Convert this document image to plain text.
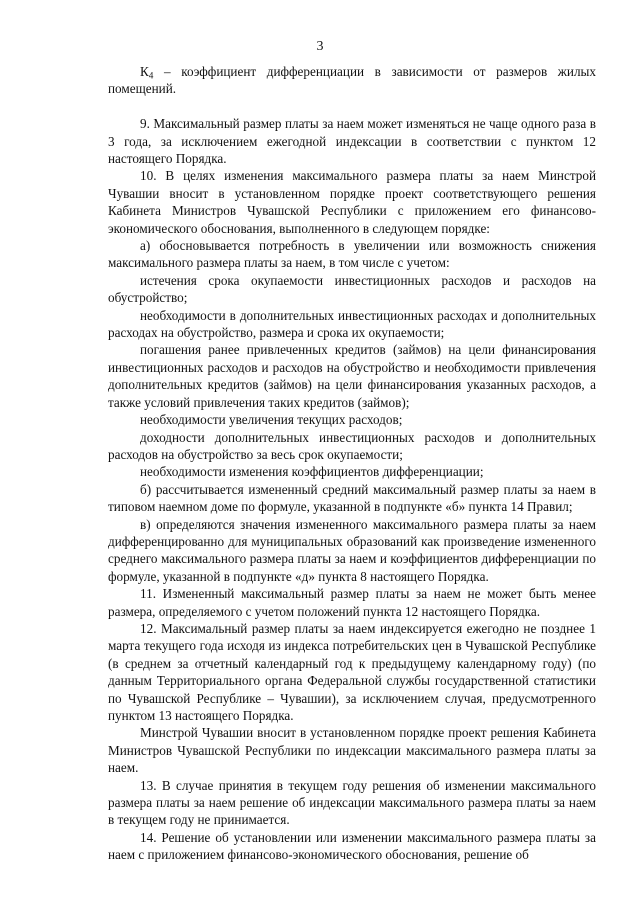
3

$К_4$ – коэффициент дифференциации в зависимости от размеров жилых помещений.

9. Максимальный размер платы за наем может изменяться не чаще одного раза в 3 года, за исключением ежегодной индексации в соответствии с пунктом 12 настоящего Порядка.

10. В целях изменения максимального размера платы за наем Минстрой Чувашии вносит в установленном порядке проект соответствующего решения Кабинета Министров Чувашской Республики с приложением его финансово-экономического обоснования, выполненного в следующем порядке:

а) обосновывается потребность в увеличении или возможность снижения максимального размера платы за наем, в том числе с учетом:

истечения срока окупаемости инвестиционных расходов и расходов на обустройство;

необходимости в дополнительных инвестиционных расходах и дополнительных расходах на обустройство, размера и срока их окупаемости;

погашения ранее привлеченных кредитов (займов) на цели финансирования инвестиционных расходов и расходов на обустройство и необходимости привлечения дополнительных кредитов (займов) на цели финансирования указанных расходов, а также условий привлечения таких кредитов (займов);

необходимости увеличения текущих расходов;

доходности дополнительных инвестиционных расходов и дополнительных расходов на обустройство за весь срок окупаемости;

необходимости изменения коэффициентов дифференциации;

б) рассчитывается измененный средний максимальный размер платы за наем в типовом наемном доме по формуле, указанной в подпункте «б» пункта 14 Правил;

в) определяются значения измененного максимального размера платы за наем дифференцированно для муниципальных образований как произведение измененного среднего максимального размера платы за наем и коэффициентов дифференциации по формуле, указанной в подпункте «д» пункта 8 настоящего Порядка.

11. Измененный максимальный размер платы за наем не может быть менее размера, определяемого с учетом положений пункта 12 настоящего Порядка.

12. Максимальный размер платы за наем индексируется ежегодно не позднее 1 марта текущего года исходя из индекса потребительских цен в Чувашской Республике (в среднем за отчетный календарный год к предыдущему календарному году) (по данным Территориального органа Федеральной службы государственной статистики по Чувашской Республике – Чувашии), за исключением случая, предусмотренного пунктом 13 настоящего Порядка.

Минстрой Чувашии вносит в установленном порядке проект решения Кабинета Министров Чувашской Республики по индексации максимального размера платы за наем.

13. В случае принятия в текущем году решения об изменении максимального размера платы за наем решение об индексации максимального размера платы за наем в текущем году не принимается.

14. Решение об установлении или изменении максимального размера платы за наем с приложением финансово-экономического обоснования, решение об
